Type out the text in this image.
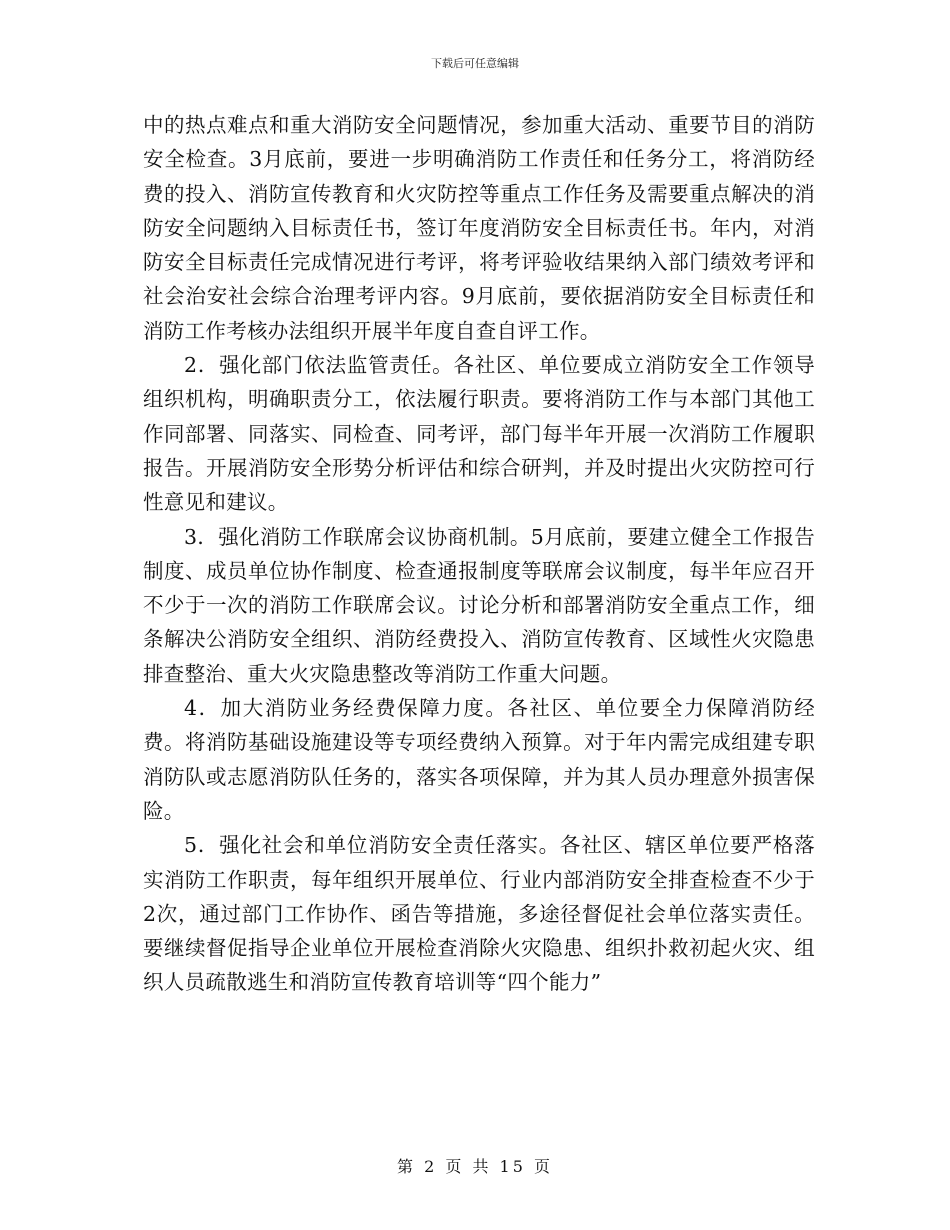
下载后可任意编辑

中的热点难点和重大消防安全问题情况，参加重大活动、重要节目的消防安全检查。3月底前，要进一步明确消防工作责任和任务分工，将消防经费的投入、消防宣传教育和火灾防控等重点工作任务及需要重点解决的消防安全问题纳入目标责任书，签订年度消防安全目标责任书。年内，对消防安全目标责任完成情况进行考评，将考评验收结果纳入部门绩效考评和社会治安社会综合治理考评内容。9月底前，要依据消防安全目标责任和消防工作考核办法组织开展半年度自查自评工作。

2．强化部门依法监管责任。各社区、单位要成立消防安全工作领导组织机构，明确职责分工，依法履行职责。要将消防工作与本部门其他工作同部署、同落实、同检查、同考评，部门每半年开展一次消防工作履职报告。开展消防安全形势分析评估和综合研判，并及时提出火灾防控可行性意见和建议。

3．强化消防工作联席会议协商机制。5月底前，要建立健全工作报告制度、成员单位协作制度、检查通报制度等联席会议制度，每半年应召开不少于一次的消防工作联席会议。讨论分析和部署消防安全重点工作，细条解决公消防安全组织、消防经费投入、消防宣传教育、区域性火灾隐患排查整治、重大火灾隐患整改等消防工作重大问题。

4．加大消防业务经费保障力度。各社区、单位要全力保障消防经费。将消防基础设施建设等专项经费纳入预算。对于年内需完成组建专职消防队或志愿消防队任务的，落实各项保障，并为其人员办理意外损害保险。

5．强化社会和单位消防安全责任落实。各社区、辖区单位要严格落实消防工作职责，每年组织开展单位、行业内部消防安全排查检查不少于2次，通过部门工作协作、函告等措施，多途径督促社会单位落实责任。要继续督促指导企业单位开展检查消除火灾隐患、组织扑救初起火灾、组织人员疏散逃生和消防宣传教育培训等“四个能力”

第 2 页 共 15 页
